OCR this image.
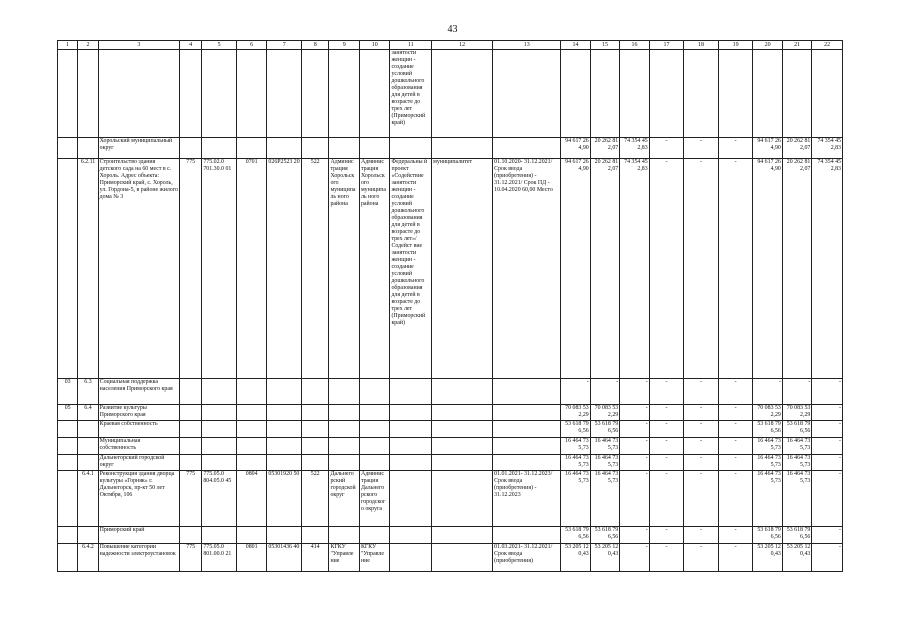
43
1	2	3	4	5	6	7	8	9	10	11	12	13	14	15	16	17	18	19	20	21	22
										занятости женщин - создание условий дошкольного образования для детей в возрасте до трех лет (Приморский край)											
		Хорольский муниципальный округ											94 617 26 4,90	20 262 81 2,07	74 354 45 2,83	-	-	-	94 617 26 4,90	20 262 81 2,07	74 354 45 2,83
	6.2.11	Строительство здания детского сада на 60 мест в с. Хороль. Адрес объекта: Приморский край, с. Хороль, ул. Гордона-5, в районе жилого дома № 3	775	775.02.0 701.30.0 01	0701	026P2523 20	522	Админис трация Хорольск ого муниципаль ного района	Админис трация Хорольск ого муниципаль ного района	Федеральны й проект «Содействие занятости женщин - создание условий дошкольного образования для детей в возрасте до трех лет»/Содейст вие занятости женщин - создание условий дошкольного образования для детей в возрасте до трех лет (Приморский край)	муниципалитет	01.10.2020- 31.12.2021/ Срок ввода (приобретения) - 31.12.2021/ Срок ПД - 10.04.2020 60,00 Место	94 617 26 4,90	20 262 81 2,07	74 354 45 2,83	-	-	-	94 617 26 4,90	20 262 81 2,07	74 354 45 2,83
03	6.3	Социальная поддержка населения Приморского края											-	-	-	-	-	-	-	-	-
05	6.4	Развитие культуры Приморского края											70 083 53 2,29	70 083 53 2,29	-	-	-	-	70 083 53 2,29	70 083 53 2,29	-
		Краевая собственность											53 618 79 6,56	53 618 79 6,56	-	-	-	-	53 618 79 6,56	53 618 79 6,56	-
		Муниципальная собственность											16 464 73 5,73	16 464 73 5,73	-	-	-	-	16 464 73 5,73	16 464 73 5,73	-
		Дальнегорский городской округ											16 464 73 5,73	16 464 73 5,73	-	-	-	-	16 464 73 5,73	16 464 73 5,73	-
	6.4.1	Реконструкция здания дворца культуры «Горняк» г. Дальнегорск, пр-кт 50 лет Октября, 106	775	775.05.0 804.05.0 45	0804	05301920 50	522	Дальнего рский городской округ	Админис трация Дальнего рского городског о округа			01.01.2021- 31.12.2023/ Срок ввода (приобретения) - 31.12.2023	16 464 73 5,73	16 464 73 5,73	-	-	-	-	16 464 73 5,73	16 464 73 5,73	-
		Приморский край											53 618 79 6,56	53 618 79 6,56	-	-	-	-	53 618 79 6,56	53 618 79 6,56	-
	6.4.2	Повышение категории надежности электроустановок	775	775.05.0 801.00.0 21	0801	05301436 40	414	КГКУ "Управле ние	КГКУ "Управле ние			01.03.2021- 31.12.2021/ Срок ввода (приобретения)	53 205 12 0,43	53 205 12 0,43	-	-	-	-	53 205 12 0,43	53 205 12 0,43	-
